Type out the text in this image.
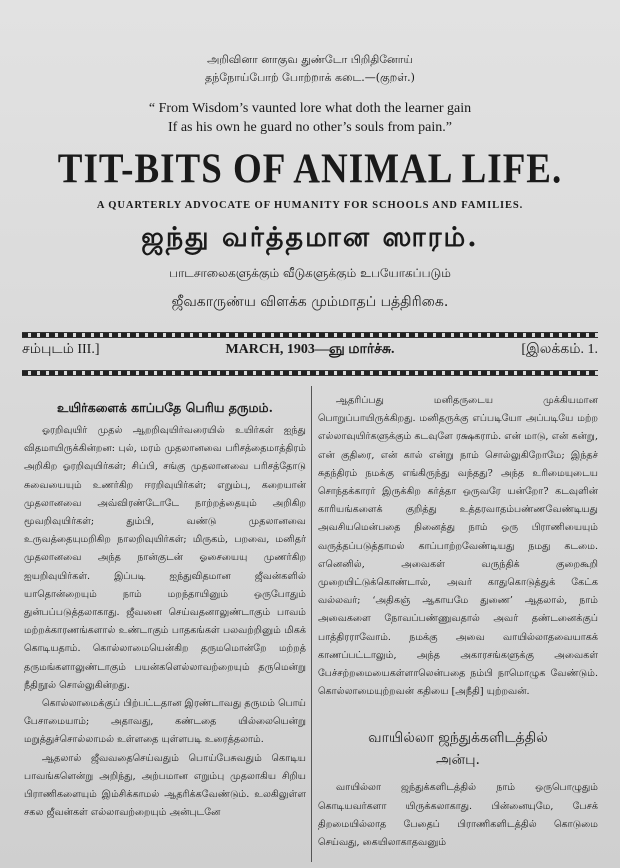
அறிவினா னாகுவ துண்டோ பிறிதினோய்
தந்நோய்போற் போற்றாக் கடை.—(குறள்.)
“ From Wisdom’s vaunted lore what doth the learner gain
If as his own he guard no other’s souls from pain.”
TIT-BITS OF ANIMAL LIFE.
A QUARTERLY ADVOCATE OF HUMANITY FOR SCHOOLS AND FAMILIES.
ஜந்து வர்த்தமான ஸாரம்.
பாடசாலைகளுக்கும் வீடுகளுக்கும் உபயோகப்படும்
ஜீவகாருண்ய விளக்க மும்மாதப் பத்திரிகை.
சம்புடம் III.]	MARCH, 1903—ஞு மார்ச்சு.	[இலக்கம். 1.
உயிர்களைக் காப்பதே பெரிய தருமம்.

ஓரறிவுயிர் முதல் ஆறறிவுயிர்வரையில் உயிர்கள் ஐந்து விதமாயிருக்கின்றன: புல், மரம் முதலானவை பரிசத்தைமாத்திரம் அறிகிற ஓரறிவுயிர்கள்; சிப்பி, சங்கு முதலானவை பரிசத்தோடு சுவையையும் உணர்கிற ஈரறிவுயிர்கள்; எறும்பு, கறையான் முதலானவை அவ்விரண்டோடே நாற்றத்தையும் அறிகிற மூவறிவுயிர்கள்; தும்பி, வண்டு முதலானவை உருவத்தையுமறிகிற நாலறிவுயிர்கள்; மிருகம், பறவை, மனிதர் முதலானவை அந்த நான்குடன் ஓசையையு முணர்கிற ஐயறிவுயிர்கள். இப்படி ஐந்துவிதமான ஜீவன்களில் யாதொன்றையும் நாம் மறந்தாயினும் ஒருபோதும் துன்பப்படுத்தலாகாது. ஜீவனை செய்வதனாலுண்டாகும் பாவம் மற்றக்காரணங்களால் உண்டாகும் பாதகங்கள் பலவற்றினும் மிகக் கொடியதாம். கொல்லாமையென்கிற தருமமொன்றே மற்றத் தருமங்களாலுண்டாகும் பயன்களெல்லாவற்றையும் தருமென்று நீதிநூல் சொல்லுகின்றது.

கொல்லாமைக்குப் பிற்பட்டதான இரண்டாவது தருமம் பொய் பேசாமையாம்; அதாவது, கண்டதை யில்லையென்று மறுத்துச்சொல்லாமல் உள்ளதை யுள்ளபடி உரைத்தலாம்.

ஆதலால் ஜீவவதைசெய்வதும் பொய்பேசுவதும் கொடிய பாவங்களென்று அறிந்து, அற்பமான எறும்பு முதலாகிய சிறிய பிராணிகளையும் இம்சிக்காமல் ஆதரிக்கவேண்டும். உலகிலுள்ள சகல ஜீவன்கள் எல்லாவற்றையும் அன்புடனே

ஆதரிப்பது மனிதருடைய முக்கியமான பொறுப்பாயிருக்கிறது. மனிதருக்கு எப்படியோ அப்படியே மற்ற எல்லாவுயிர்களுக்கும் கடவுளே ரக்ஷகராம். என் மாடு, என் கன்று, என் குதிரை, என் கால் என்று நாம் சொல்லுகிறோமே; இந்தச் சுதந்திரம் நமக்கு எங்கிருந்து வந்தது? அந்த உரிமையுடைய சொந்தக்காரர் இருக்கிற கர்த்தா ஒருவரே யன்றோ? கடவுளின் காரியங்களைக் குறித்து உத்தரவாதம்பண்ணவேண்டியது அவசியமென்பதை நினைத்து நாம் ஒரு பிராணியையும் வருத்தப்படுத்தாமல் காப்பாற்றவேண்டியது நமது கடமை. எனெனில், அவைகள் வருந்திக் குறைகூறி முறையிட்டுக்கொண்டால், அவர் காதுகொடுத்துக் கேட்க வல்லவர்; ‘அதிகஞ் ஆகாயமே துணை’ ஆதலால், நாம் அவைகளை நோவப்பண்ணுவதால் அவர் தண்டனைக்குப் பாத்திரராவோம். நமக்கு அவை வாயில்லாதவையாகக் காணப்பட்டாலும், அந்த அகாரசங்களுக்கு அவைகள் பேச்சற்றமையைகள்ளாலென்பதை நம்பி நாமொழுக வேண்டும். கொல்லாமையுற்றவன் கதியை [அநீதி] யுற்றவன்.

வாயில்லா ஜந்துக்களிடத்தில்
அன்பு.

வாயில்லா ஜந்துக்களிடத்தில் நாம் ஒருபொழுதும் கொடியவர்களா யிருக்கலாகாது. பின்னையுமே, பேசக் திறமையில்லாத பேதைப் பிராணிகளிடத்தில் கொடுமை செய்வது, கையிலாகாதவனும்
